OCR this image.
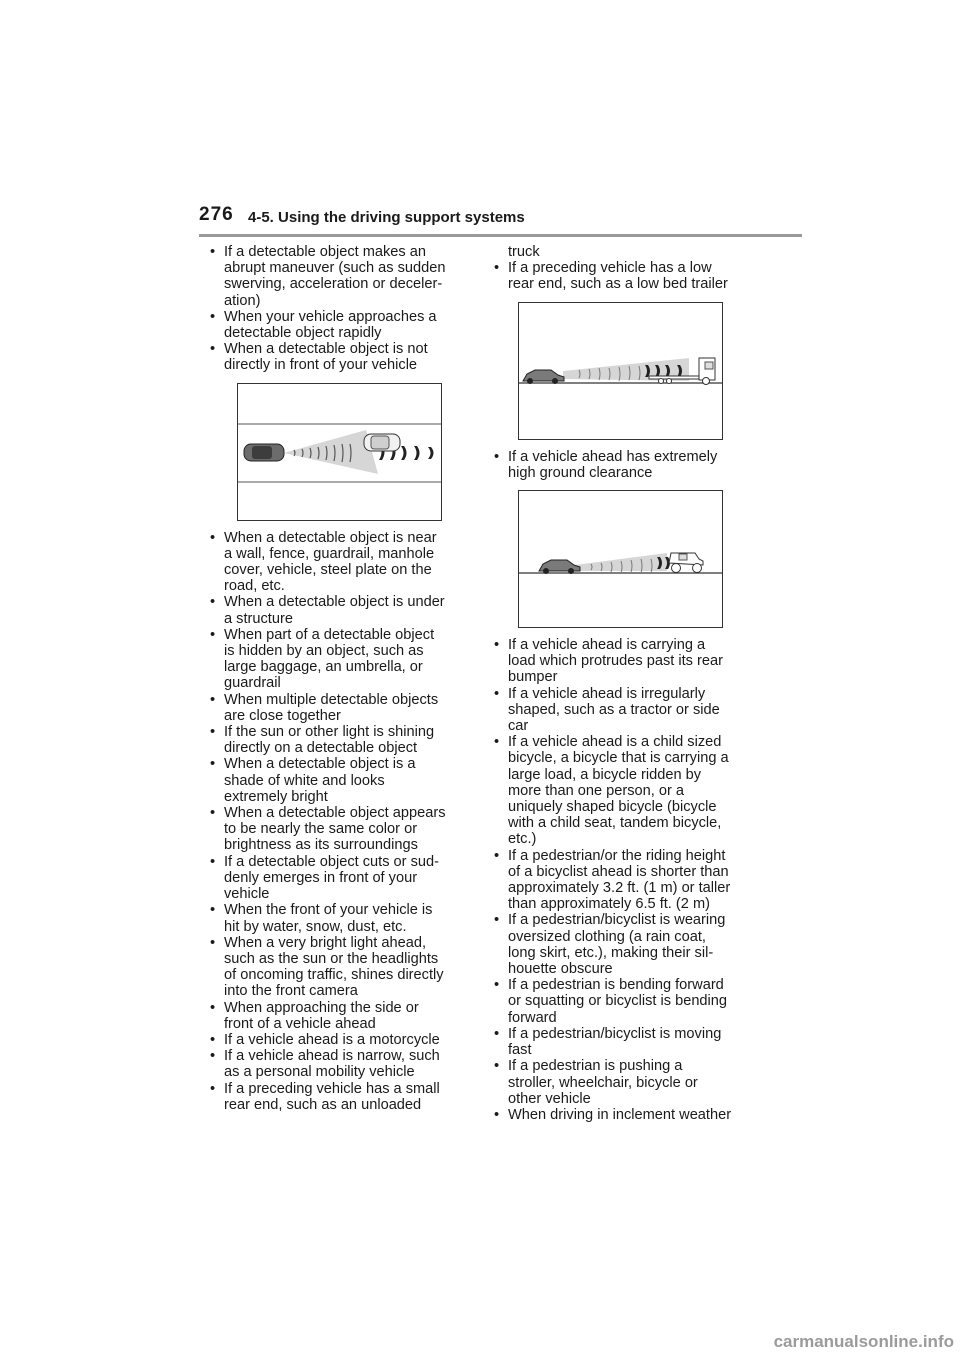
276 4-5. Using the driving support systems

• If a detectable object makes an
abrupt maneuver (such as sudden
swerving, acceleration or deceler-
ation)

• When your vehicle approaches a
detectable object rapidly

• When a detectable object is not
directly in front of your vehicle

• When a detectable object is near
a wall, fence, guardrail, manhole
cover, vehicle, steel plate on the
road, etc.

• When a detectable object is under
a structure

• When part of a detectable object
is hidden by an object, such as
large baggage, an umbrella, or
guardrail

• When multiple detectable objects
are close together

• If the sun or other light is shining
directly on a detectable object

• When a detectable object is a
shade of white and looks
extremely bright

• When a detectable object appears
to be nearly the same color or
brightness as its surroundings

• If a detectable object cuts or sud-
denly emerges in front of your
vehicle

• When the front of your vehicle is
hit by water, snow, dust, etc.

• When a very bright light ahead,
such as the sun or the headlights
of oncoming traffic, shines directly
into the front camera

• When approaching the side or
front of a vehicle ahead

• If a vehicle ahead is a motorcycle

• If a vehicle ahead is narrow, such
as a personal mobility vehicle

• If a preceding vehicle has a small
rear end, such as an unloaded

truck

• If a preceding vehicle has a low
rear end, such as a low bed trailer

• If a vehicle ahead has extremely
high ground clearance

• If a vehicle ahead is carrying a
load which protrudes past its rear
bumper

• If a vehicle ahead is irregularly
shaped, such as a tractor or side
car

• If a vehicle ahead is a child sized
bicycle, a bicycle that is carrying a
large load, a bicycle ridden by
more than one person, or a
uniquely shaped bicycle (bicycle
with a child seat, tandem bicycle,
etc.)

• If a pedestrian/or the riding height
of a bicyclist ahead is shorter than
approximately 3.2 ft. (1 m) or taller
than approximately 6.5 ft. (2 m)

• If a pedestrian/bicyclist is wearing
oversized clothing (a rain coat,
long skirt, etc.), making their sil-
houette obscure

• If a pedestrian is bending forward
or squatting or bicyclist is bending
forward

• If a pedestrian/bicyclist is moving
fast

• If a pedestrian is pushing a
stroller, wheelchair, bicycle or
other vehicle

• When driving in inclement weather

carmanualsonline.info
